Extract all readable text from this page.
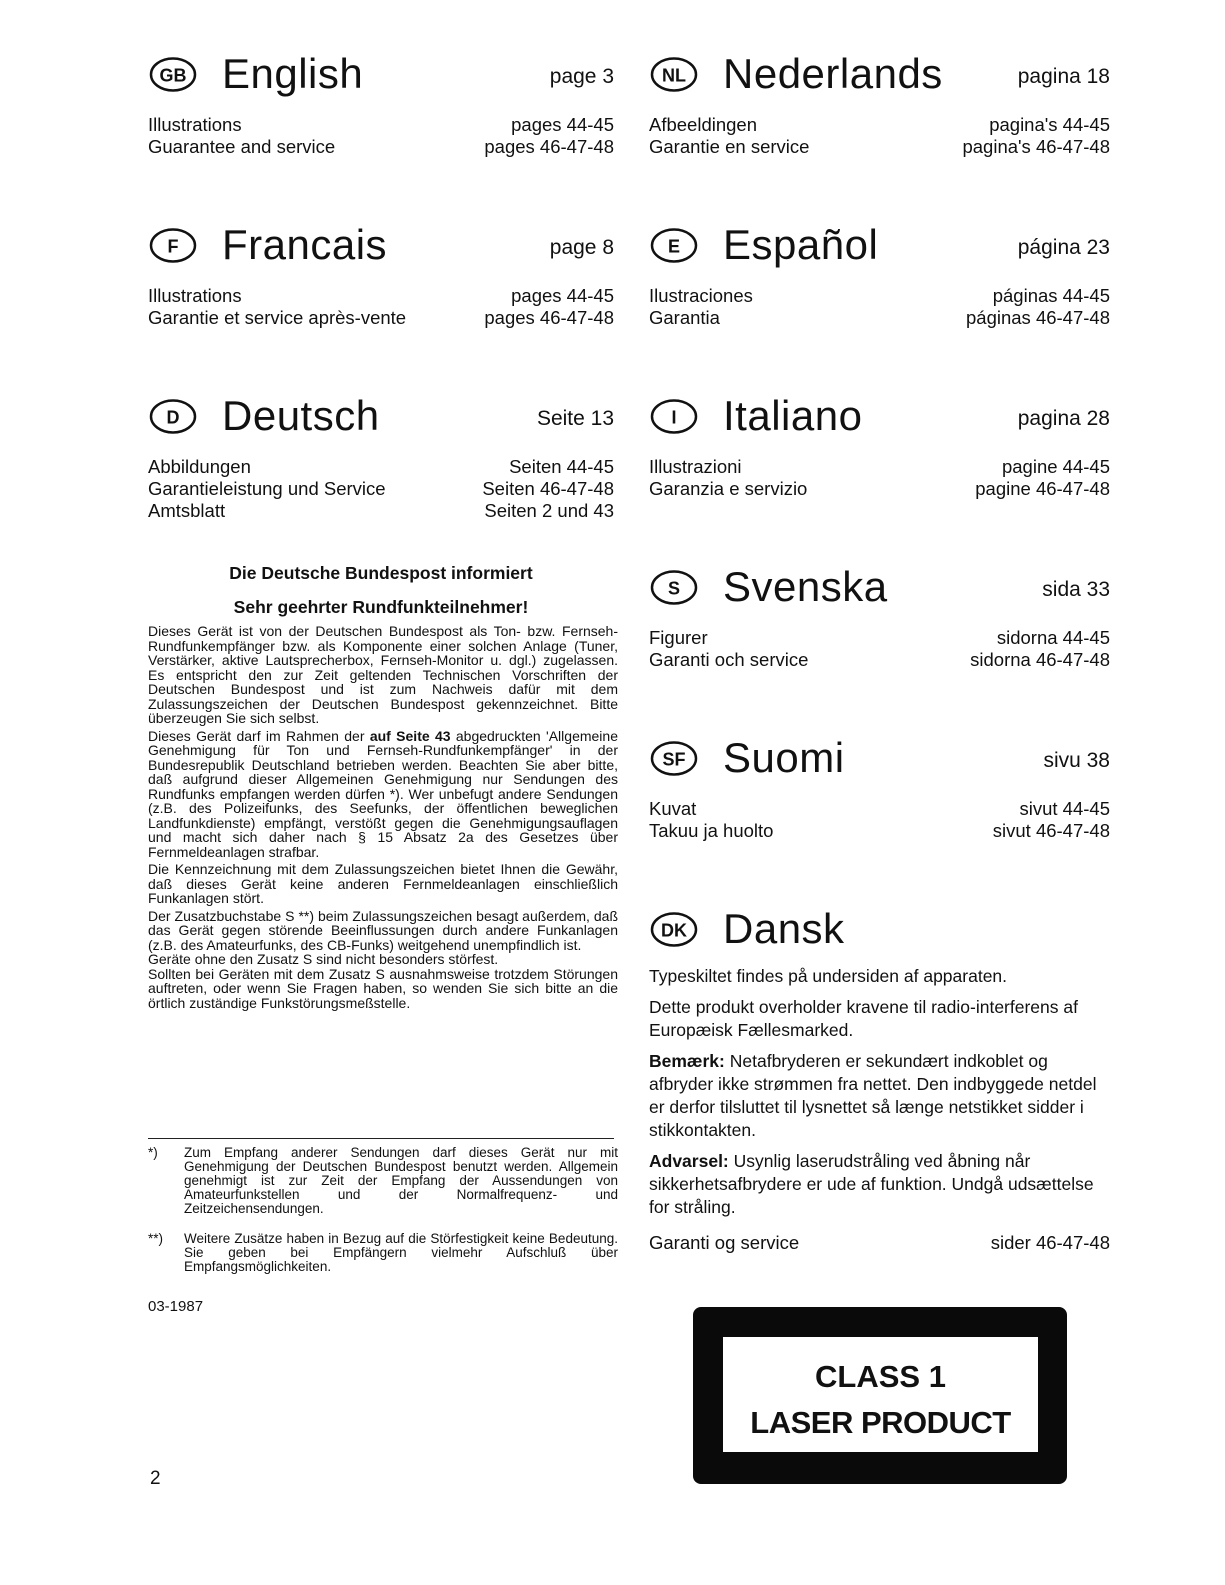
GB English	page 3
Illustrations	pages 44-45
Guarantee and service	pages 46-47-48
F Francais	page 8
Illustrations	pages 44-45
Garantie et service après-vente	pages 46-47-48
D Deutsch	Seite 13
Abbildungen	Seiten 44-45
Garantieleistung und Service	Seiten 46-47-48
Amtsblatt	Seiten 2 und 43
Die Deutsche Bundespost informiert
Sehr geehrter Rundfunkteilnehmer!

Dieses Gerät ist von der Deutschen Bundespost als Ton- bzw. Fernseh-Rundfunkempfänger bzw. als Komponente einer solchen Anlage (Tuner, Verstärker, aktive Lautsprecherbox, Fernseh-Monitor u. dgl.) zugelassen. Es entspricht den zur Zeit geltenden Technischen Vorschriften der Deutschen Bundespost und ist zum Nachweis dafür mit dem Zulassungszeichen der Deutschen Bundespost gekennzeichnet. Bitte überzeugen Sie sich selbst.

Dieses Gerät darf im Rahmen der auf Seite 43 abgedruckten 'Allgemeine Genehmigung für Ton und Fernseh-Rundfunkempfänger' in der Bundesrepublik Deutschland betrieben werden. Beachten Sie aber bitte, daß aufgrund dieser Allgemeinen Genehmigung nur Sendungen des Rundfunks empfangen werden dürfen *). Wer unbefugt andere Sendungen (z.B. des Polizeifunks, des Seefunks, der öffentlichen beweglichen Landfunkdienste) empfängt, verstößt gegen die Genehmigungsauflagen und macht sich daher nach § 15 Absatz 2a des Gesetzes über Fernmeldeanlagen strafbar.

Die Kennzeichnung mit dem Zulassungszeichen bietet Ihnen die Gewähr, daß dieses Gerät keine anderen Fernmeldeanlagen einschließlich Funkanlagen stört.

Der Zusatzbuchstabe S **) beim Zulassungszeichen besagt außerdem, daß das Gerät gegen störende Beeinflussungen durch andere Funkanlagen (z.B. des Amateurfunks, des CB-Funks) weitgehend unempfindlich ist.

Geräte ohne den Zusatz S sind nicht besonders störfest.

Sollten bei Geräten mit dem Zusatz S ausnahmsweise trotzdem Störungen auftreten, oder wenn Sie Fragen haben, so wenden Sie sich bitte an die örtlich zuständige Funkstörungsmeßstelle.

*) Zum Empfang anderer Sendungen darf dieses Gerät nur mit Genehmigung der Deutschen Bundespost benutzt werden. Allgemein genehmigt ist zur Zeit der Empfang der Aussendungen von Amateurfunkstellen und der Normalfrequenz- und Zeitzeichensendungen.
**) Weitere Zusätze haben in Bezug auf die Störfestigkeit keine Bedeutung. Sie geben bei Empfängern vielmehr Aufschluß über Empfangsmöglichkeiten.
03-1987
2
NL Nederlands	pagina 18
Afbeeldingen	pagina's 44-45
Garantie en service	pagina's 46-47-48
E Español	página 23
Ilustraciones	páginas 44-45
Garantia	páginas 46-47-48
I Italiano	pagina 28
Illustrazioni	pagine 44-45
Garanzia e servizio	pagine 46-47-48
S Svenska	sida 33
Figurer	sidorna 44-45
Garanti och service	sidorna 46-47-48
SF Suomi	sivu 38
Kuvat	sivut 44-45
Takuu ja huolto	sivut 46-47-48
DK Dansk

Typeskiltet findes på undersiden af apparaten.

Dette produkt overholder kravene til radio-interferens af Europæisk Fællesmarked.

Bemærk: Netafbryderen er sekundært indkoblet og afbryder ikke strømmen fra nettet. Den indbyggede netdel er derfor tilsluttet til lysnettet så længe netstikket sidder i stikkontakten.

Advarsel: Usynlig laserudstråling ved åbning når sikkerhetsafbrydere er ude af funktion. Undgå udsættelse for stråling.

Garanti og service	sider 46-47-48
CLASS 1
LASER PRODUCT
